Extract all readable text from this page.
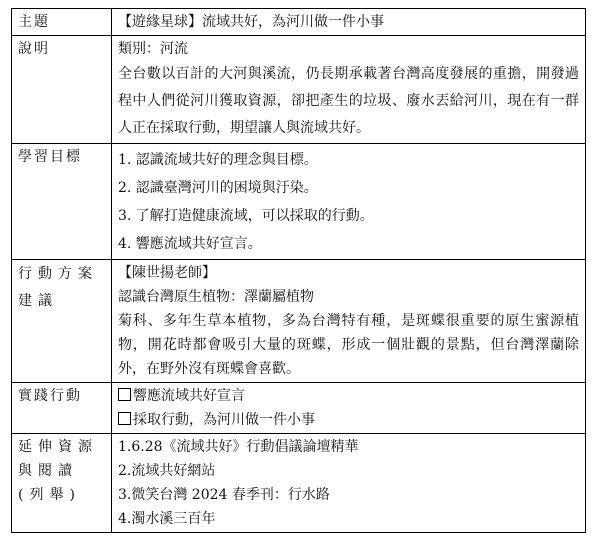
主題	【遊緣星球】流域共好，為河川做一件小事
說明	類別：河流
全台數以百計的大河與溪流，仍長期承載著台灣高度發展的重擔，開發過程中人們從河川獲取資源，卻把產生的垃圾、廢水丟給河川，現在有一群人正在採取行動，期望讓人與流域共好。

學習目標	1. 認識流域共好的理念與目標。
2. 認識臺灣河川的困境與汙染。
3. 了解打造健康流域，可以採取的行動。
4. 響應流域共好宣言。

行動方案建議	【陳世揚老師】
認識台灣原生植物：澤蘭屬植物
菊科、多年生草本植物，多為台灣特有種，是斑蝶很重要的原生蜜源植物，開花時都會吸引大量的斑蝶，形成一個壯觀的景點，但台灣澤蘭除外，在野外沒有斑蝶會喜歡。

實踐行動	響應流域共好宣言
採取行動，為河川做一件小事

延伸資源與閱讀(列舉)	1.6.28《流域共好》行動倡議論壇精華
2.流域共好網站
3.微笑台灣 2024 春季刊：行水路
4.濁水溪三百年
